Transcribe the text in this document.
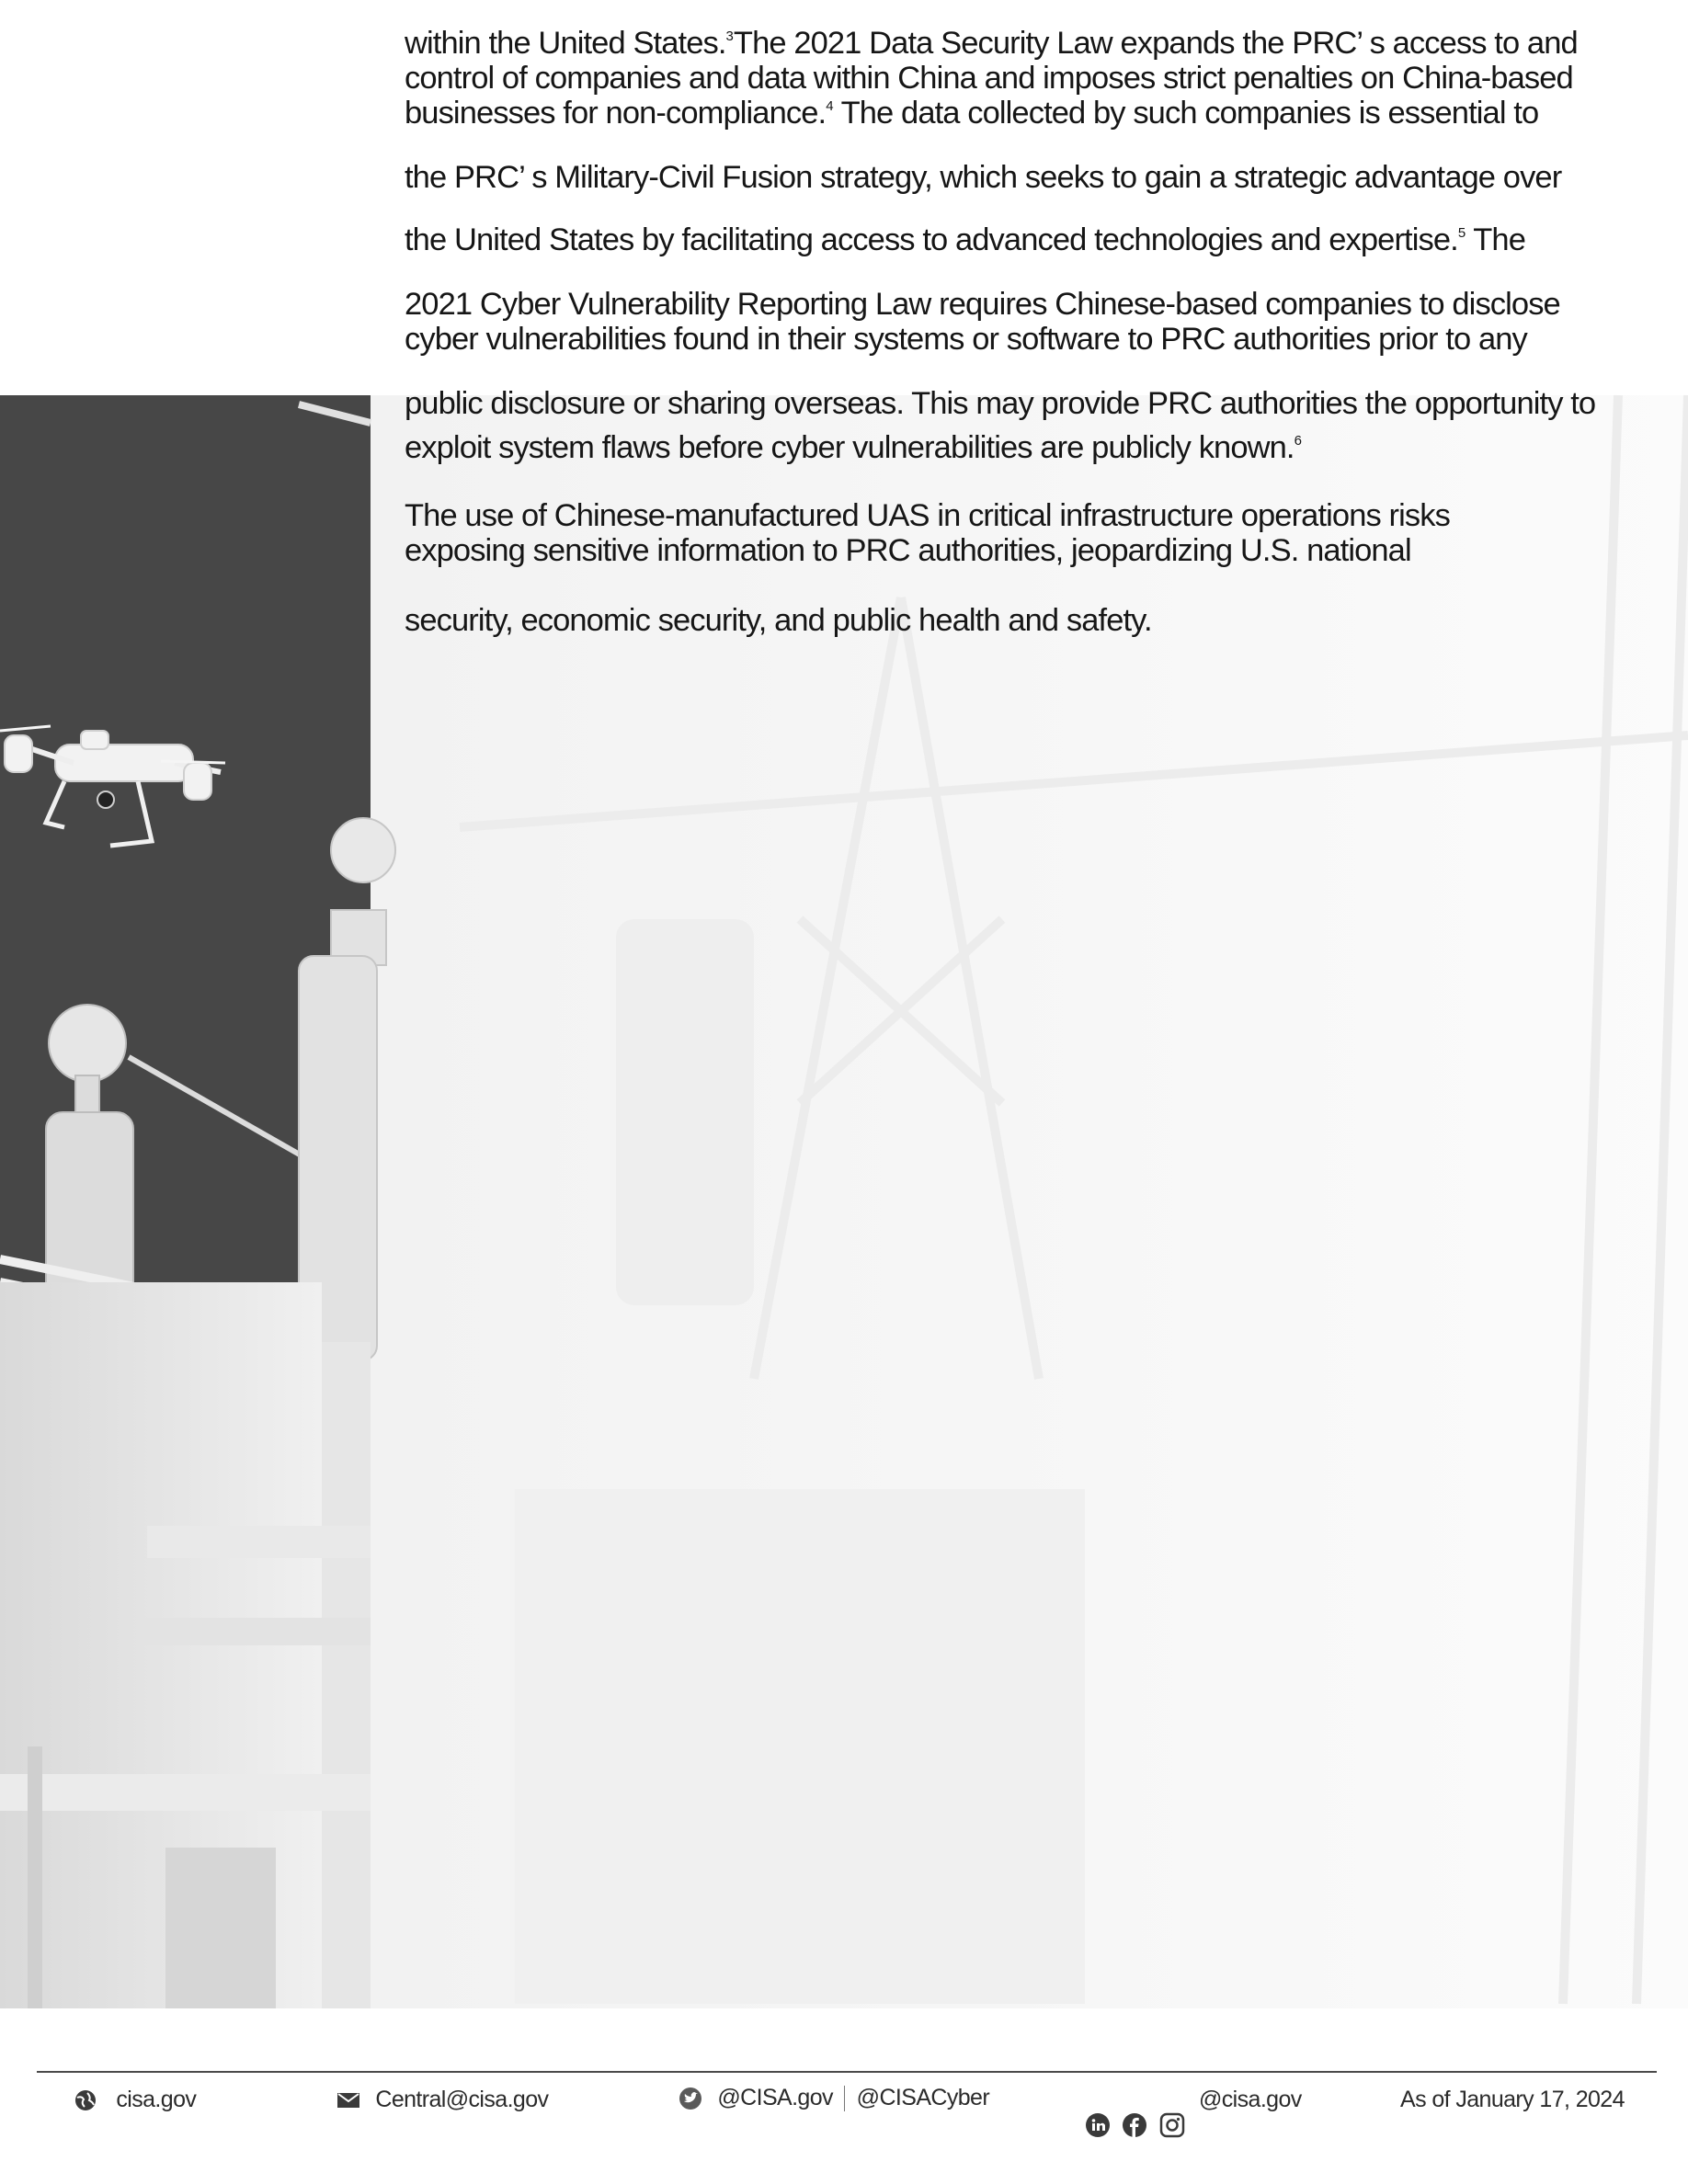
within the United States.$^3$The 2021 Data Security Law expands the PRC’ s access to and
control of companies and data within China and imposes strict penalties on China-based
businesses for non-compliance.$^4$ The data collected by such companies is essential to
the PRC’ s Military-Civil Fusion strategy, which seeks to gain a strategic advantage over
the United States by facilitating access to advanced technologies and expertise.$^5$ The
2021 Cyber Vulnerability Reporting Law requires Chinese-based companies to disclose
cyber vulnerabilities found in their systems or software to PRC authorities prior to any
public disclosure or sharing overseas. This may provide PRC authorities the opportunity to
exploit system flaws before cyber vulnerabilities are publicly known.$^6$
The use of Chinese-manufactured UAS in critical infrastructure operations risks
exposing sensitive information to PRC authorities, jeopardizing U.S. national
security, economic security, and public health and safety.
cisa.gov	Central@cisa.gov	@CISA.gov @CISACyber
	@cisa.gov	As of January 17, 2024
